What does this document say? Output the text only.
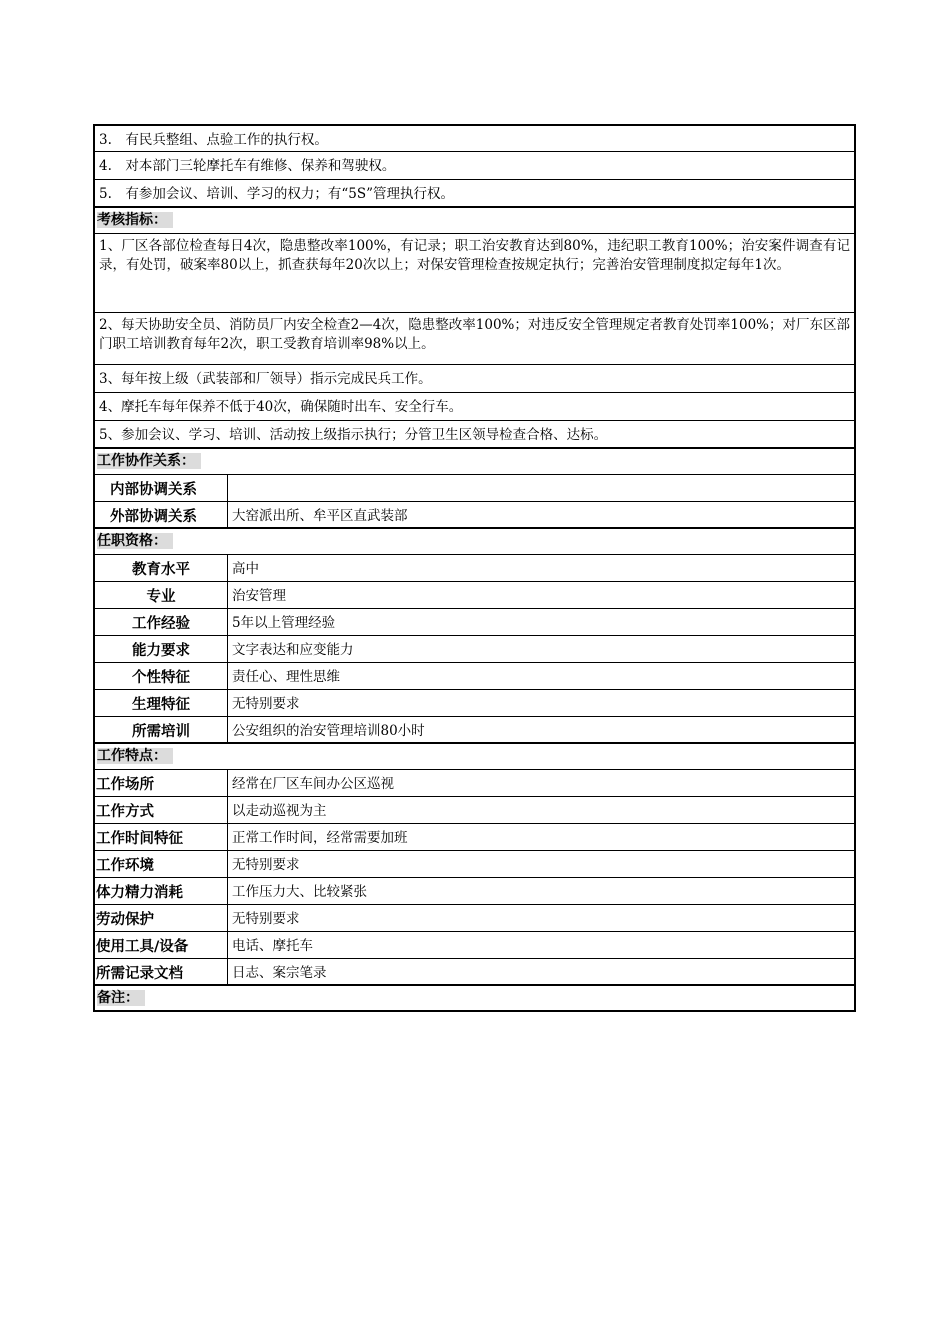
3.　有民兵整组、点验工作的执行权。
4.　对本部门三轮摩托车有维修、保养和驾驶权。
5.　有参加会议、培训、学习的权力；有“5S”管理执行权。
考核指标：
1、厂区各部位检查每日4次，隐患整改率100%，有记录；职工治安教育达到80%，违纪职工教育100%；治安案件调查有记录，有处罚，破案率80以上，抓查获每年20次以上；对保安管理检查按规定执行；完善治安管理制度拟定每年1次。
2、每天协助安全员、消防员厂内安全检查2—4次，隐患整改率100%；对违反安全管理规定者教育处罚率100%；对厂东区部门职工培训教育每年2次，职工受教育培训率98%以上。
3、每年按上级（武装部和厂领导）指示完成民兵工作。
4、摩托车每年保养不低于40次，确保随时出车、安全行车。
5、参加会议、学习、培训、活动按上级指示执行；分管卫生区领导检查合格、达标。
工作协作关系：
内部协调关系
外部协调关系	大窑派出所、牟平区直武装部
任职资格：
教育水平	高中
专业	治安管理
工作经验	5年以上管理经验
能力要求	文字表达和应变能力
个性特征	责任心、理性思维
生理特征	无特别要求
所需培训	公安组织的治安管理培训80小时
工作特点：
工作场所	经常在厂区车间办公区巡视
工作方式	以走动巡视为主
工作时间特征	正常工作时间，经常需要加班
工作环境	无特别要求
体力精力消耗	工作压力大、比较紧张
劳动保护	无特别要求
使用工具/设备	电话、摩托车
所需记录文档	日志、案宗笔录
备注：
